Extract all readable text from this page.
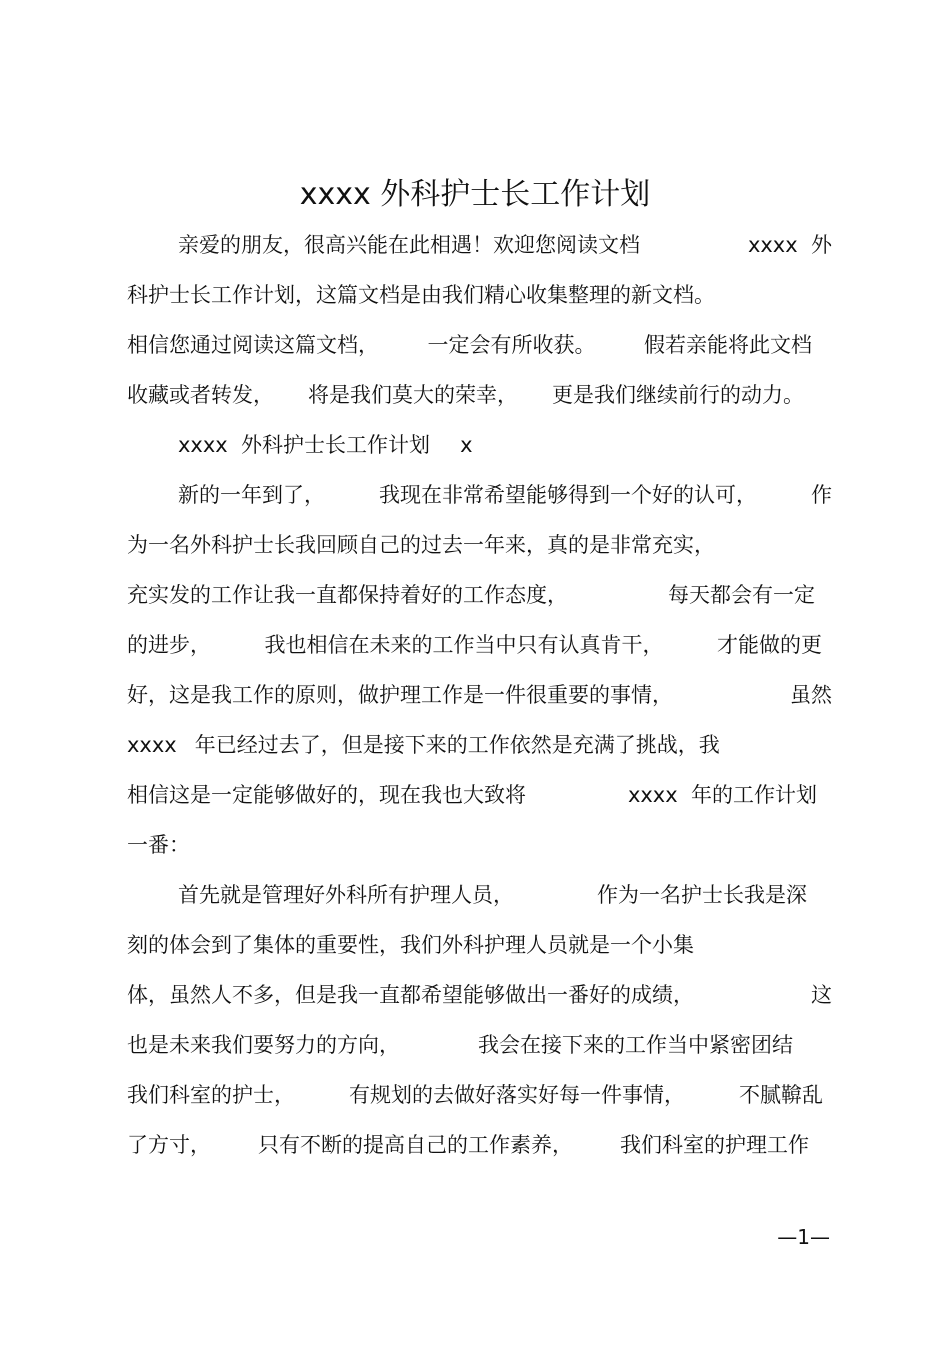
xxxx 外科护士长工作计划
亲爱的朋友，很高兴能在此相遇！欢迎您阅读文档	xxxx  外
科护士长工作计划，这篇文档是由我们精心收集整理的新文档。
相信您通过阅读这篇文档， 一定会有所收获。 假若亲能将此文档
收藏或者转发， 将是我们莫大的荣幸， 更是我们继续前行的动力。
xxxx  外科护士长工作计划 x
新的一年到了，	我现在非常希望能够得到一个好的认可，	作
为一名外科护士长我回顾自己的过去一年来，真的是非常充实，
充实发的工作让我一直都保持着好的工作态度，	每天都会有一定
的进步，	我也相信在未来的工作当中只有认真肯干，	才能做的更
好，这是我工作的原则，做护理工作是一件很重要的事情，	虽然
xxxx 年已经过去了，但是接下来的工作依然是充满了挑战，我
相信这是一定能够做好的，现在我也大致将	xxxx  年的工作计划
一番：
首先就是管理好外科所有护理人员，	作为一名护士长我是深
刻的体会到了集体的重要性，我们外科护理人员就是一个小集
体，虽然人不多，但是我一直都希望能够做出一番好的成绩，	这
也是未来我们要努力的方向，	我会在接下来的工作当中紧密团结
我们科室的护士，	有规划的去做好落实好每一件事情，	不腻鞥乱
了方寸， 只有不断的提高自己的工作素养， 我们科室的护理工作
—1—
